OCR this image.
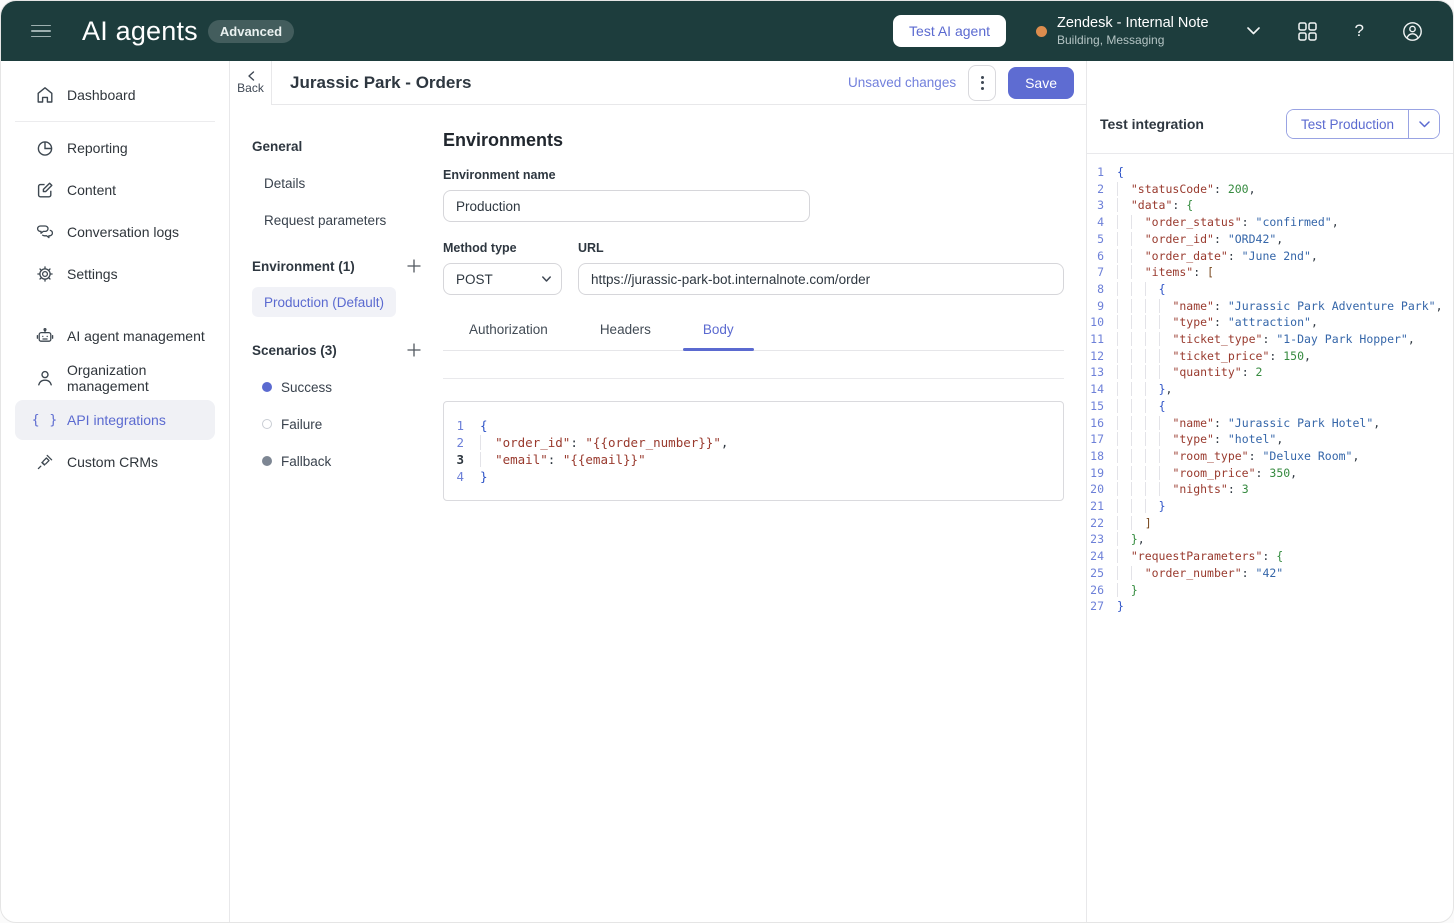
AI agents	Advanced	Test AI agent	Zendesk - Internal Note
Building, Messaging	?
Dashboard
Reporting
Content
Conversation logs
Settings
AI agent management
Organization management
{ } API integrations
Custom CRMs
Back Jurassic Park - Orders	Unsaved changes	Save
General
Details
Request parameters
Environment (1)
Production (Default)
Scenarios (3)
Success
Failure
Fallback
Environments
Environment name
Production
Method type
POST
URL
https://jurassic-park-bot.internalnote.com/order
Authorization	Headers	Body
1	{
2	"order_id": "{{order_number}}",
3	"email": "{{email}}"
4	}
Test integration	Test Production
1	{
2	"statusCode": 200,
3	"data": {
4	"order_status": "confirmed",
5	"order_id": "ORD42",
6	"order_date": "June 2nd",
7	"items": [
8	{
9	"name": "Jurassic Park Adventure Park",
10	"type": "attraction",
11	"ticket_type": "1-Day Park Hopper",
12	"ticket_price": 150,
13	"quantity": 2
14	},
15	{
16	"name": "Jurassic Park Hotel",
17	"type": "hotel",
18	"room_type": "Deluxe Room",
19	"room_price": 350,
20	"nights": 3
21	}
22	]
23	},
24	"requestParameters": {
25	"order_number": "42"
26	}
27	}
